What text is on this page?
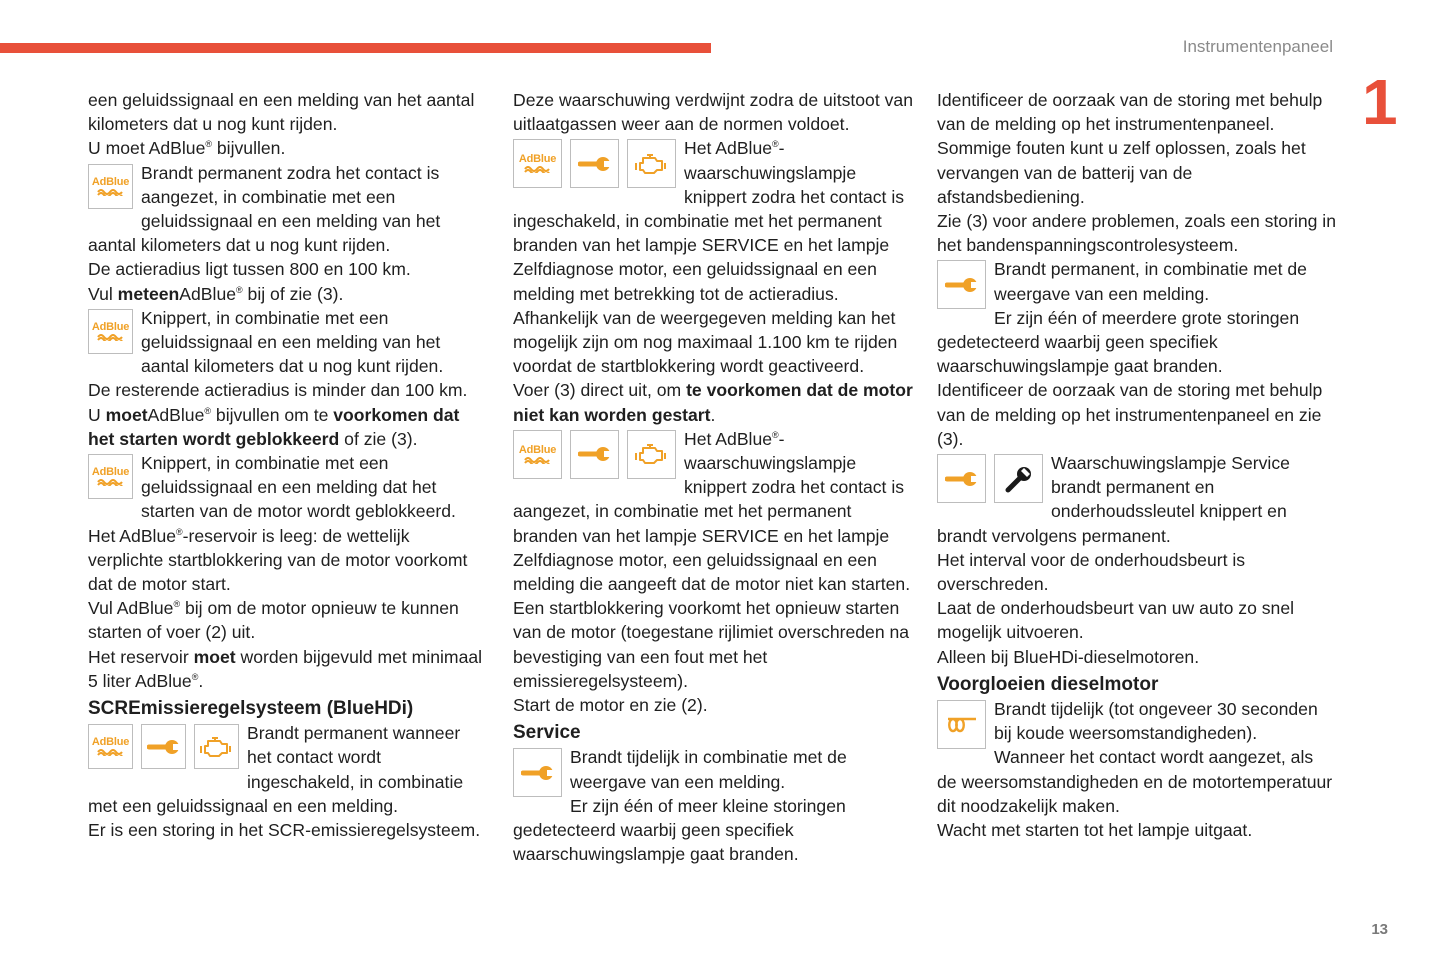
Instrumentenpaneel
1
13

een geluidssignaal en een melding van het aantal kilometers dat u nog kunt rijden.

U moet AdBlue® bijvullen.

AdBlue Brandt permanent zodra het contact is aangezet, in combinatie met een geluidssignaal en een melding van het aantal kilometers dat u nog kunt rijden.

De actieradius ligt tussen 800 en 100 km.

Vul meteenAdBlue® bij of zie (3).

AdBlue Knippert, in combinatie met een geluidssignaal en een melding van het aantal kilometers dat u nog kunt rijden.

De resterende actieradius is minder dan 100 km.

U moetAdBlue® bijvullen om te voorkomen dat het starten wordt geblokkeerd of zie (3).

AdBlue Knippert, in combinatie met een geluidssignaal en een melding dat het starten van de motor wordt geblokkeerd.

Het AdBlue®-reservoir is leeg: de wettelijk verplichte startblokkering van de motor voorkomt dat de motor start.

Vul AdBlue® bij om de motor opnieuw te kunnen starten of voer (2) uit.

Het reservoir moet worden bijgevuld met minimaal 5 liter AdBlue®.

SCREmissieregelsysteem (BlueHDi)
AdBlue	Brandt permanent wanneer het contact wordt ingeschakeld, in combinatie met een geluidssignaal en een melding.

Er is een storing in het SCR-emissieregelsysteem.

Deze waarschuwing verdwijnt zodra de uitstoot van uitlaatgassen weer aan de normen voldoet.

AdBlue

Het AdBlue®-waarschuwingslampje knippert zodra het contact is ingeschakeld, in combinatie met het permanent branden van het lampje SERVICE en het lampje Zelfdiagnose motor, een geluidssignaal en een melding met betrekking tot de actieradius.

Afhankelijk van de weergegeven melding kan het mogelijk zijn om nog maximaal 1.100 km te rijden voordat de startblokkering wordt geactiveerd.

Voer (3) direct uit, om te voorkomen dat de motor niet kan worden gestart.

AdBlue

Het AdBlue®-waarschuwingslampje knippert zodra het contact is aangezet, in combinatie met het permanent branden van het lampje SERVICE en het lampje Zelfdiagnose motor, een geluidssignaal en een melding die aangeeft dat de motor niet kan starten.

Een startblokkering voorkomt het opnieuw starten van de motor (toegestane rijlimiet overschreden na bevestiging van een fout met het emissieregelsysteem).

Start de motor en zie (2).

Service

Brandt tijdelijk in combinatie met de weergave van een melding.

Er zijn één of meer kleine storingen gedetecteerd waarbij geen specifiek waarschuwingslampje gaat branden.

Identificeer de oorzaak van de storing met behulp van de melding op het instrumentenpaneel.

Sommige fouten kunt u zelf oplossen, zoals het vervangen van de batterij van de afstandsbediening.

Zie (3) voor andere problemen, zoals een storing in het bandenspanningscontrolesysteem.

Brandt permanent, in combinatie met de weergave van een melding.

Er zijn één of meerdere grote storingen gedetecteerd waarbij geen specifiek waarschuwingslampje gaat branden.

Identificeer de oorzaak van de storing met behulp van de melding op het instrumentenpaneel en zie (3).

Waarschuwingslampje Service brandt permanent en onderhoudssleutel knippert en brandt vervolgens permanent.

Het interval voor de onderhoudsbeurt is overschreden.

Laat de onderhoudsbeurt van uw auto zo snel mogelijk uitvoeren.

Alleen bij BlueHDi-dieselmotoren.

Voorgloeien dieselmotor

Brandt tijdelijk (tot ongeveer 30 seconden bij koude weersomstandigheden).

Wanneer het contact wordt aangezet, als de weersomstandigheden en de motortemperatuur dit noodzakelijk maken.

Wacht met starten tot het lampje uitgaat.
